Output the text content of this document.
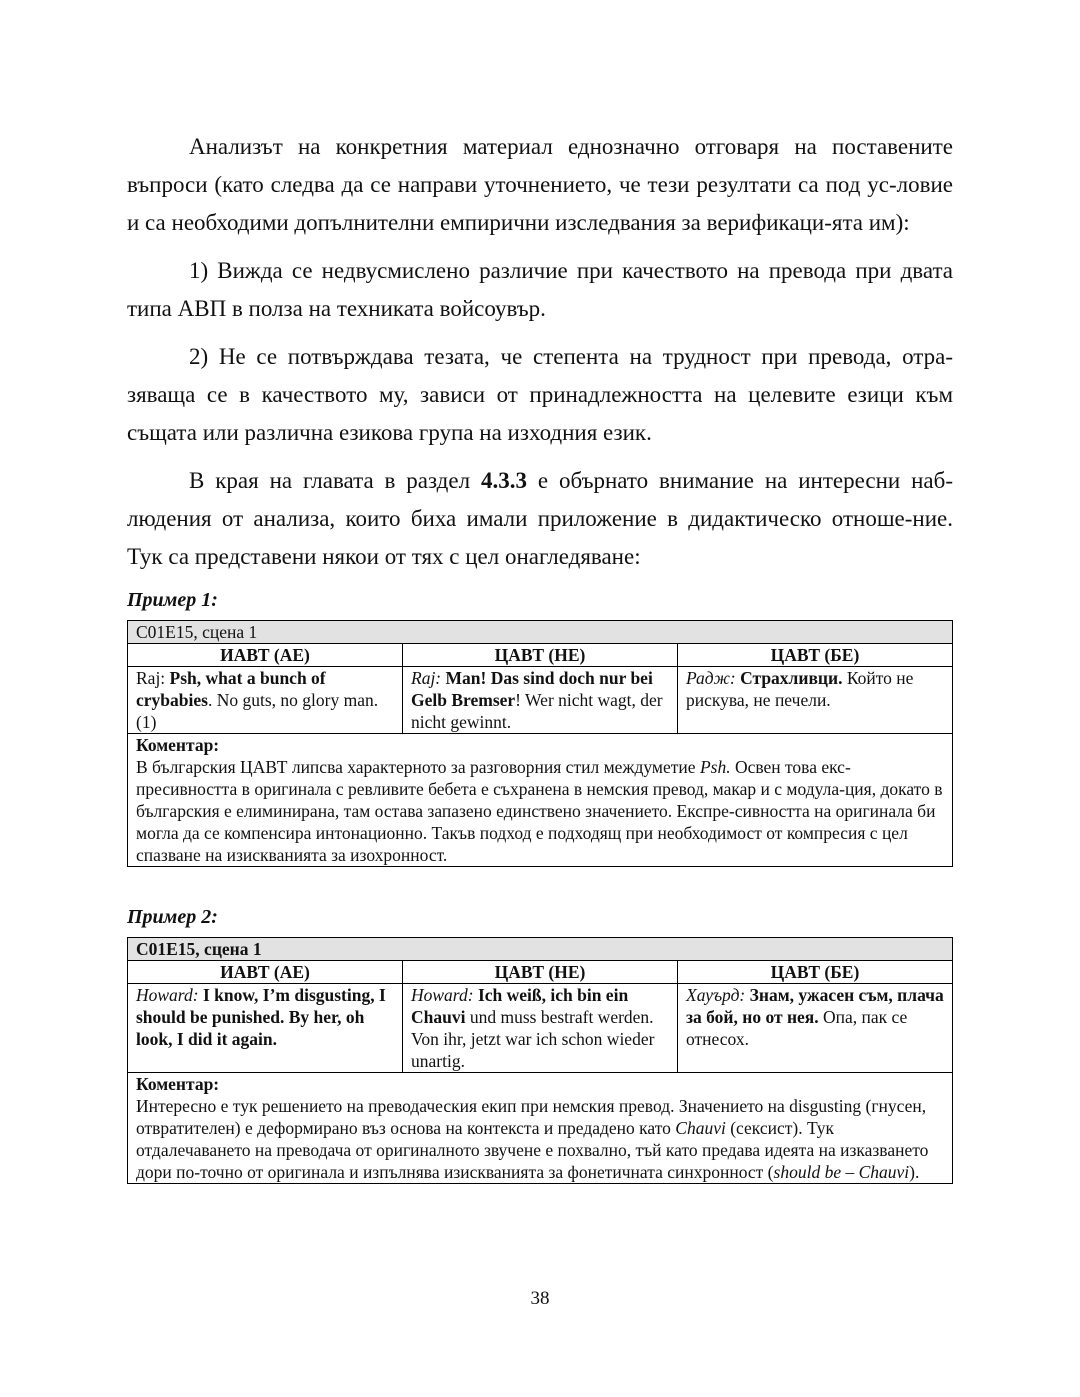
Анализът на конкретния материал еднозначно отговаря на поставените въпроси (като следва да се направи уточнението, че тези резултати са под ус-ловие и са необходими допълнителни емпирични изследвания за верификаци-ята им):

1) Вижда се недвусмислено различие при качеството на превода при двата типа АВП в полза на техниката войсоувър.

2) Не се потвърждава тезата, че степента на трудност при превода, отра-зяваща се в качеството му, зависи от принадлежността на целевите езици към същата или различна езикова група на изходния език.

В края на главата в раздел 4.3.3 е обърнато внимание на интересни наб-людения от анализа, които биха имали приложение в дидактическо отноше-ние. Тук са представени някои от тях с цел онагледяване:

Пример 1:
C01E15, сцена 1		
ИАВТ (АЕ)	ЦАВТ (НЕ)	ЦАВТ (БЕ)
Raj: Psh, what a bunch of crybabies. No guts, no glory man. (1)	Raj: Man! Das sind doch nur bei Gelb Bremser! Wer nicht wagt, der nicht gewinnt.	Радж: Страхливци. Който не рискува, не печели.

Коментар:
В българския ЦАВТ липсва характерното за разговорния стил междуметие Psh. Освен това екс-пресивността в оригинала с ревливите бебета е съхранена в немския превод, макар и с модула-ция, докато в българския е елиминирана, там остава запазено единствено значението. Експре-сивността на оригинала би могла да се компенсира интонационно. Такъв подход е подходящ при необходимост от компресия с цел спазване на изискванията за изохронност.		
Пример 2:
C01E15, сцена 1		
ИАВТ (АЕ)	ЦАВТ (НЕ)	ЦАВТ (БЕ)
Howard: I know, I’m disgusting, I should be punished. By her, oh look, I did it again.	Howard: Ich weiß, ich bin ein Chauvi und muss bestraft werden. Von ihr, jetzt war ich schon wieder unartig.	Хауърд: Знам, ужасен съм, плача за бой, но от нея. Опа, пак се отнесох.

Коментар:
Интересно е тук решението на преводаческия екип при немския превод. Значението на disgusting (гнусен, отвратителен) е деформирано въз основа на контекста и предадено като Chauvi (сексист). Тук отдалечаването на преводача от оригиналното звучене е похвално, тъй като предава идеята на изказването дори по-точно от оригинала и изпълнява изискванията за фонетичната синхронност (should be – Chauvi).		
38
